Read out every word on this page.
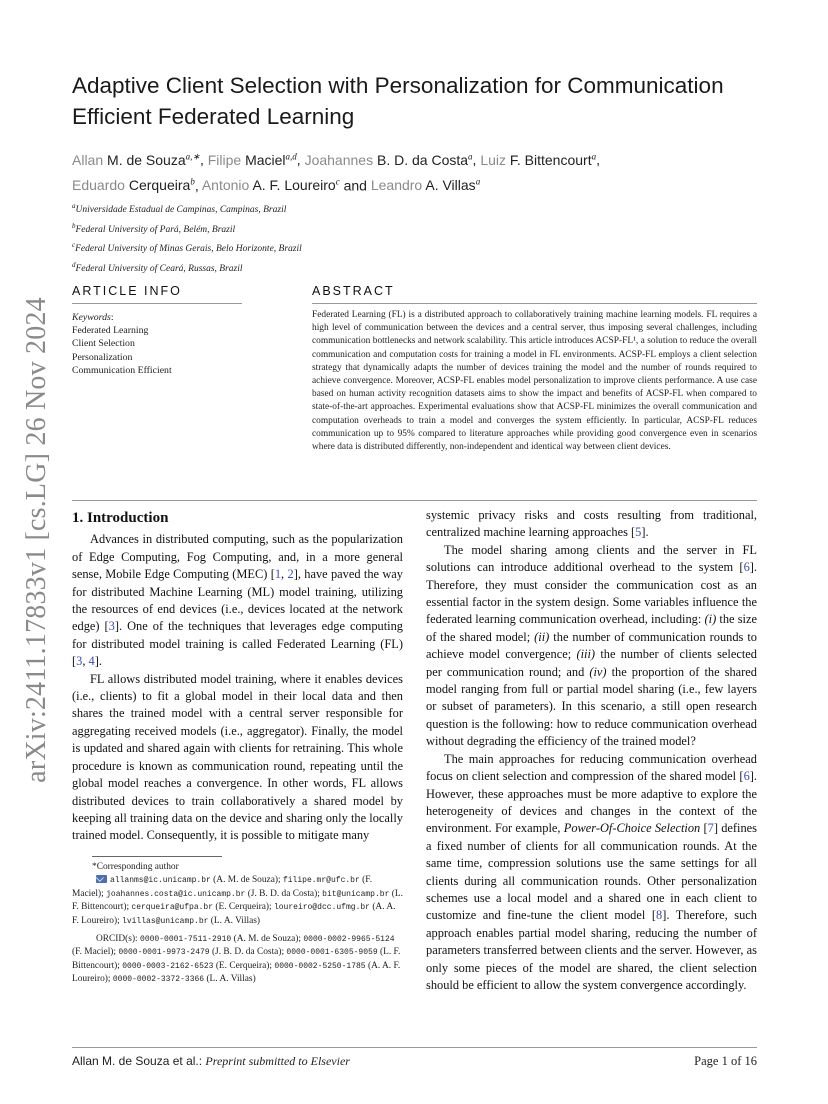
arXiv:2411.17833v1 [cs.LG] 26 Nov 2024
Adaptive Client Selection with Personalization for Communication Efficient Federated Learning
Allan M. de Souza$^{a,∗}$, Filipe Maciel$^{a,d}$, Joahannes B. D. da Costa$^a$, Luiz F. Bittencourt$^a$,
Eduardo Cerqueira$^b$, Antonio A. F. Loureiro$^c$ and Leandro A. Villas$^a$
$^a$Universidade Estadual de Campinas, Campinas, Brazil
$^b$Federal University of Pará, Belém, Brazil
$^c$Federal University of Minas Gerais, Belo Horizonte, Brazil
$^d$Federal University of Ceará, Russas, Brazil
ARTICLE INFO	ABSTRACT
Keywords:
Federated Learning
Client Selection
Personalization
Communication Efficient
Federated Learning (FL) is a distributed approach to collaboratively training machine learning models. FL requires a high level of communication between the devices and a central server, thus imposing several challenges, including communication bottlenecks and network scalability. This article introduces ACSP-FL¹, a solution to reduce the overall communication and computation costs for training a model in FL environments. ACSP-FL employs a client selection strategy that dynamically adapts the number of devices training the model and the number of rounds required to achieve convergence. Moreover, ACSP-FL enables model personalization to improve clients performance. A use case based on human activity recognition datasets aims to show the impact and benefits of ACSP-FL when compared to state-of-the-art approaches. Experimental evaluations show that ACSP-FL minimizes the overall communication and computation overheads to train a model and converges the system efficiently. In particular, ACSP-FL reduces communication up to 95% compared to literature approaches while providing good convergence even in scenarios where data is distributed differently, non-independent and identical way between client devices.
1. Introduction

Advances in distributed computing, such as the popularization of Edge Computing, Fog Computing, and, in a more general sense, Mobile Edge Computing (MEC) [1, 2], have paved the way for distributed Machine Learning (ML) model training, utilizing the resources of end devices (i.e., devices located at the network edge) [3]. One of the techniques that leverages edge computing for distributed model training is called Federated Learning (FL) [3, 4].

FL allows distributed model training, where it enables devices (i.e., clients) to fit a global model in their local data and then shares the trained model with a central server responsible for aggregating received models (i.e., aggregator). Finally, the model is updated and shared again with clients for retraining. This whole procedure is known as communication round, repeating until the global model reaches a convergence. In other words, FL allows distributed devices to train collaboratively a shared model by keeping all training data on the device and sharing only the locally trained model. Consequently, it is possible to mitigate many

systemic privacy risks and costs resulting from traditional, centralized machine learning approaches [5].

The model sharing among clients and the server in FL solutions can introduce additional overhead to the system [6]. Therefore, they must consider the communication cost as an essential factor in the system design. Some variables influence the federated learning communication overhead, including: (i) the size of the shared model; (ii) the number of communication rounds to achieve model convergence; (iii) the number of clients selected per communication round; and (iv) the proportion of the shared model ranging from full or partial model sharing (i.e., few layers or subset of parameters). In this scenario, a still open research question is the following: how to reduce communication overhead without degrading the efficiency of the trained model?

The main approaches for reducing communication overhead focus on client selection and compression of the shared model [6]. However, these approaches must be more adaptive to explore the heterogeneity of devices and changes in the context of the environment. For example, Power-Of-Choice Selection [7] defines a fixed number of clients for all communication rounds. At the same time, compression solutions use the same settings for all clients during all communication rounds. Other personalization schemes use a local model and a shared one in each client to customize and fine-tune the client model [8]. Therefore, such approach enables partial model sharing, reducing the number of parameters transferred between clients and the server. However, as only some pieces of the model are shared, the client selection should be efficient to allow the system convergence accordingly.

*Corresponding author
allanms@ic.unicamp.br (A. M. de Souza); filipe.mr@ufc.br (F. Maciel); joahannes.costa@ic.unicamp.br (J. B. D. da Costa); bit@unicamp.br (L. F. Bittencourt); cerqueira@ufpa.br (E. Cerqueira); loureiro@dcc.ufmg.br (A. A. F. Loureiro); lvillas@unicamp.br (L. A. Villas)
ORCID(s): 0000-0001-7511-2910 (A. M. de Souza); 0000-0002-9965-5124 (F. Maciel); 0000-0001-9973-2479 (J. B. D. da Costa); 0000-0001-6305-9059 (L. F. Bittencourt); 0000-0003-2162-6523 (E. Cerqueira); 0000-0002-5250-1785 (A. A. F. Loureiro); 0000-0002-3372-3366 (L. A. Villas)
Allan M. de Souza et al.: Preprint submitted to Elsevier	Page 1 of 16
